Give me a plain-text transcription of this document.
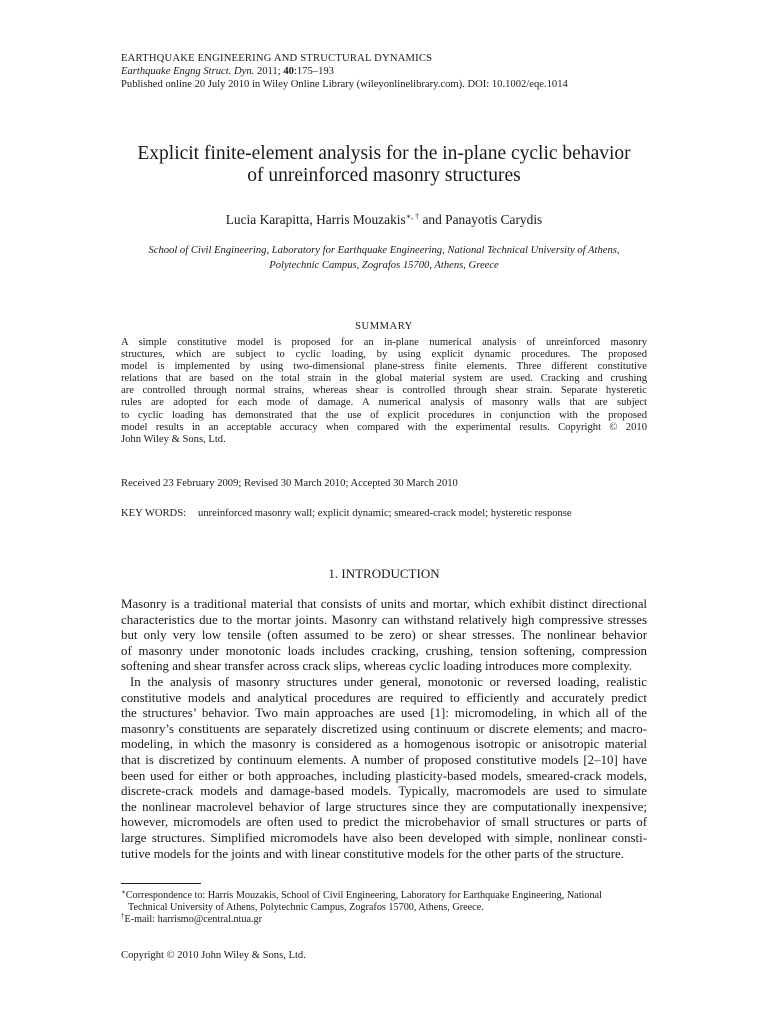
EARTHQUAKE ENGINEERING AND STRUCTURAL DYNAMICS
Earthquake Engng Struct. Dyn. 2011; 40:175–193
Published online 20 July 2010 in Wiley Online Library (wileyonlinelibrary.com). DOI: 10.1002/eqe.1014
Explicit finite-element analysis for the in-plane cyclic behavior
of unreinforced masonry structures
Lucia Karapitta, Harris Mouzakis∗, † and Panayotis Carydis
School of Civil Engineering, Laboratory for Earthquake Engineering, National Technical University of Athens,
Polytechnic Campus, Zografos 15700, Athens, Greece
SUMMARY
A simple constitutive model is proposed for an in-plane numerical analysis of unreinforced masonry
structures, which are subject to cyclic loading, by using explicit dynamic procedures. The proposed
model is implemented by using two-dimensional plane-stress finite elements. Three different constitutive
relations that are based on the total strain in the global material system are used. Cracking and crushing
are controlled through normal strains, whereas shear is controlled through shear strain. Separate hysteretic
rules are adopted for each mode of damage. A numerical analysis of masonry walls that are subject
to cyclic loading has demonstrated that the use of explicit procedures in conjunction with the proposed
model results in an acceptable accuracy when compared with the experimental results. Copyright © 2010
John Wiley & Sons, Ltd.
Received 23 February 2009; Revised 30 March 2010; Accepted 30 March 2010
KEY WORDS: unreinforced masonry wall; explicit dynamic; smeared-crack model; hysteretic response
1. INTRODUCTION
Masonry is a traditional material that consists of units and mortar, which exhibit distinct directional
characteristics due to the mortar joints. Masonry can withstand relatively high compressive stresses
but only very low tensile (often assumed to be zero) or shear stresses. The nonlinear behavior
of masonry under monotonic loads includes cracking, crushing, tension softening, compression
softening and shear transfer across crack slips, whereas cyclic loading introduces more complexity.
In the analysis of masonry structures under general, monotonic or reversed loading, realistic
constitutive models and analytical procedures are required to efficiently and accurately predict
the structures’ behavior. Two main approaches are used [1]: micromodeling, in which all of the
masonry’s constituents are separately discretized using continuum or discrete elements; and macro-
modeling, in which the masonry is considered as a homogenous isotropic or anisotropic material
that is discretized by continuum elements. A number of proposed constitutive models [2–10] have
been used for either or both approaches, including plasticity-based models, smeared-crack models,
discrete-crack models and damage-based models. Typically, macromodels are used to simulate
the nonlinear macrolevel behavior of large structures since they are computationally inexpensive;
however, micromodels are often used to predict the microbehavior of small structures or parts of
large structures. Simplified micromodels have also been developed with simple, nonlinear consti-
tutive models for the joints and with linear constitutive models for the other parts of the structure.
∗Correspondence to: Harris Mouzakis, School of Civil Engineering, Laboratory for Earthquake Engineering, National
Technical University of Athens, Polytechnic Campus, Zografos 15700, Athens, Greece.
†E-mail: harrismo@central.ntua.gr
Copyright © 2010 John Wiley & Sons, Ltd.
